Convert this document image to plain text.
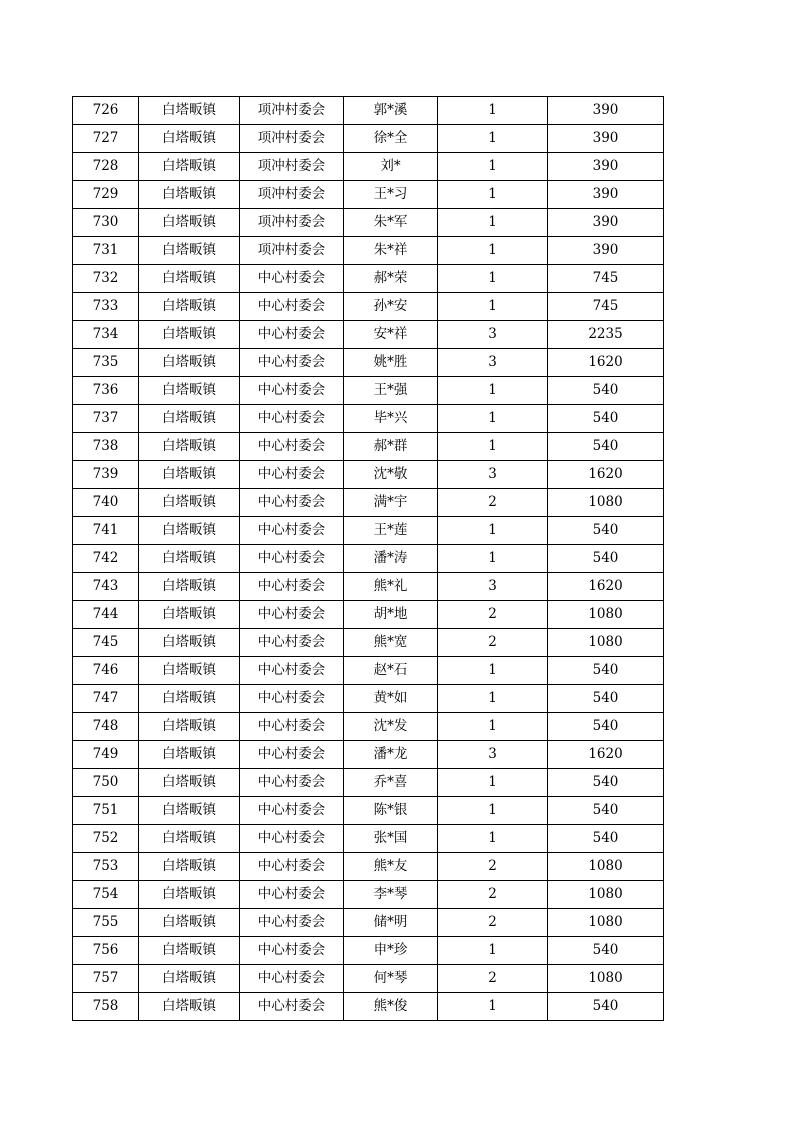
726	白塔畈镇	项冲村委会	郭*溪	1	390
727	白塔畈镇	项冲村委会	徐*全	1	390
728	白塔畈镇	项冲村委会	刘*	1	390
729	白塔畈镇	项冲村委会	王*习	1	390
730	白塔畈镇	项冲村委会	朱*军	1	390
731	白塔畈镇	项冲村委会	朱*祥	1	390
732	白塔畈镇	中心村委会	郝*荣	1	745
733	白塔畈镇	中心村委会	孙*安	1	745
734	白塔畈镇	中心村委会	安*祥	3	2235
735	白塔畈镇	中心村委会	姚*胜	3	1620
736	白塔畈镇	中心村委会	王*强	1	540
737	白塔畈镇	中心村委会	毕*兴	1	540
738	白塔畈镇	中心村委会	郝*群	1	540
739	白塔畈镇	中心村委会	沈*敬	3	1620
740	白塔畈镇	中心村委会	满*宇	2	1080
741	白塔畈镇	中心村委会	王*莲	1	540
742	白塔畈镇	中心村委会	潘*涛	1	540
743	白塔畈镇	中心村委会	熊*礼	3	1620
744	白塔畈镇	中心村委会	胡*地	2	1080
745	白塔畈镇	中心村委会	熊*宽	2	1080
746	白塔畈镇	中心村委会	赵*石	1	540
747	白塔畈镇	中心村委会	黄*如	1	540
748	白塔畈镇	中心村委会	沈*发	1	540
749	白塔畈镇	中心村委会	潘*龙	3	1620
750	白塔畈镇	中心村委会	乔*喜	1	540
751	白塔畈镇	中心村委会	陈*银	1	540
752	白塔畈镇	中心村委会	张*国	1	540
753	白塔畈镇	中心村委会	熊*友	2	1080
754	白塔畈镇	中心村委会	李*琴	2	1080
755	白塔畈镇	中心村委会	储*明	2	1080
756	白塔畈镇	中心村委会	申*珍	1	540
757	白塔畈镇	中心村委会	何*琴	2	1080
758	白塔畈镇	中心村委会	熊*俊	1	540
